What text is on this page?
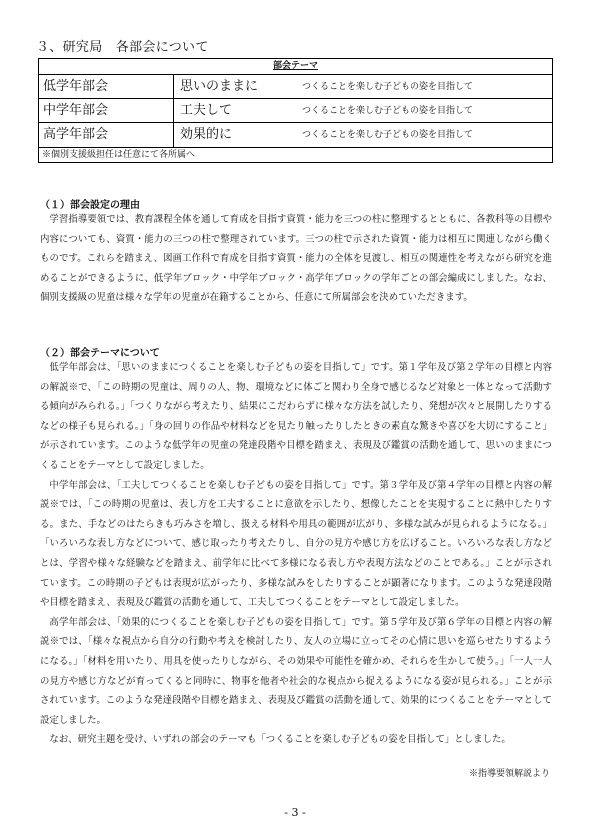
３、研究局　各部会について
部会テーマ
低学年部会	思いのままに	つくることを楽しむ子どもの姿を目指して
中学年部会	工夫して	つくることを楽しむ子どもの姿を目指して
高学年部会	効果的に	つくることを楽しむ子どもの姿を目指して
※個別支援級担任は任意にて各所属へ
（１）部会設定の理由

学習指導要領では、教育課程全体を通して育成を目指す資質・能力を三つの柱に整理するとともに、各教科等の目標や内容についても、資質・能力の三つの柱で整理されています。三つの柱で示された資質・能力は相互に関連しながら働くものです。これらを踏まえ、図画工作科で育成を目指す資質・能力の全体を見渡し、相互の関連性を考えながら研究を進めることができるように、低学年ブロック・中学年ブロック・高学年ブロックの学年ごとの部会編成にしました。なお、個別支援級の児童は様々な学年の児童が在籍することから、任意にて所属部会を決めていただきます。

（２）部会テーマについて

低学年部会は、「思いのままにつくることを楽しむ子どもの姿を目指して」です。第１学年及び第２学年の目標と内容の解説※で、「この時期の児童は、周りの人、物、環境などに体ごと関わり全身で感じるなど対象と一体となって活動する傾向がみられる。」「つくりながら考えたり、結果にこだわらずに様々な方法を試したり、発想が次々と展開したりするなどの様子も見られる。」「身の回りの作品や材料などを見たり触ったりしたときの素直な驚きや喜びを大切にすること」が示されています。このような低学年の児童の発達段階や目標を踏まえ、表現及び鑑賞の活動を通して、思いのままにつくることをテーマとして設定しました。

中学年部会は、「工夫してつくることを楽しむ子どもの姿を目指して」です。第３学年及び第４学年の目標と内容の解説※では、「この時期の児童は、表し方を工夫することに意欲を示したり、想像したことを実現することに熱中したりする。また、手などのはたらきも巧みさを増し、扱える材料や用具の範囲が広がり、多様な試みが見られるようになる。」「いろいろな表し方などについて、感じ取ったり考えたりし、自分の見方や感じ方を広げること。いろいろな表し方などとは、学習や様々な経験などを踏まえ、前学年に比べて多様になる表し方や表現方法などのことである。」ことが示されています。この時期の子どもは表現が広がったり、多様な試みをしたりすることが顕著になります。このような発達段階や目標を踏まえ、表現及び鑑賞の活動を通して、工夫してつくることをテーマとして設定しました。

高学年部会は、「効果的につくることを楽しむ子どもの姿を目指して」です。第５学年及び第６学年の目標と内容の解説※では、「様々な視点から自分の行動や考えを検討したり、友人の立場に立ってその心情に思いを巡らせたりするようになる。」「材料を用いたり、用具を使ったりしながら、その効果や可能性を確かめ、それらを生かして使う。」「一人一人の見方や感じ方などが育ってくると同時に、物事を他者や社会的な視点から捉えるようになる姿が見られる。」ことが示されています。このような発達段階や目標を踏まえ、表現及び鑑賞の活動を通して、効果的につくることをテーマとして設定しました。

なお、研究主題を受け、いずれの部会のテーマも「つくることを楽しむ子どもの姿を目指して」としました。

※指導要領解説より
- 3 -
